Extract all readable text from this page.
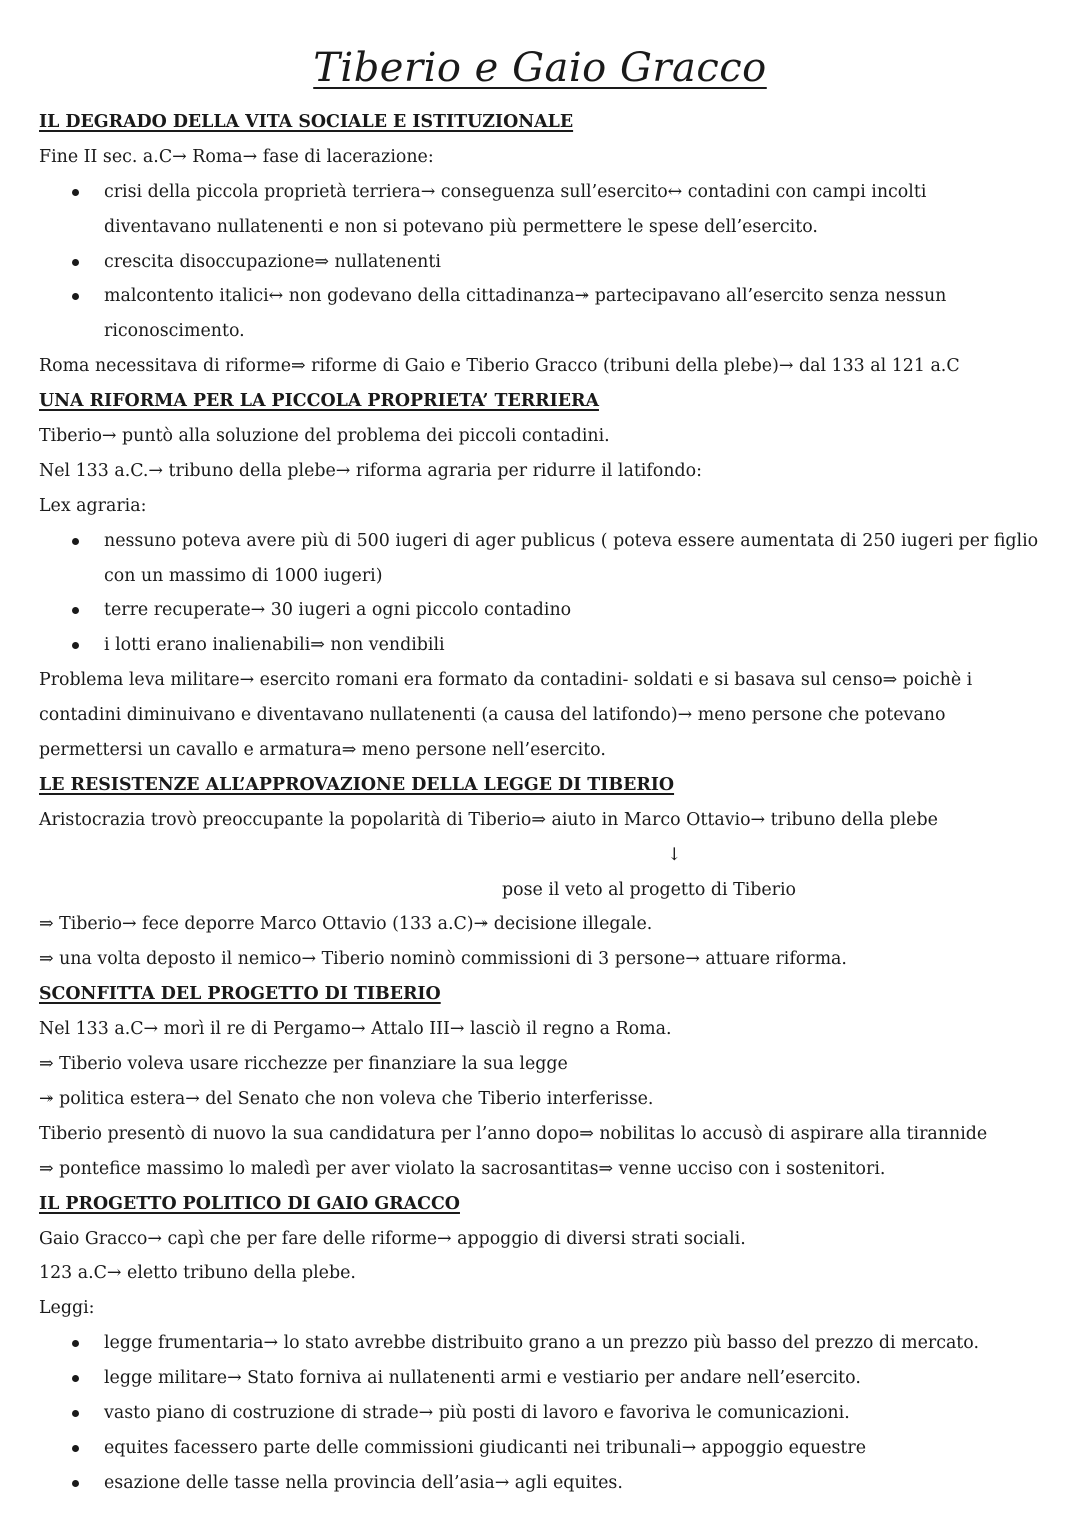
Tiberio e Gaio Gracco
IL DEGRADO DELLA VITA SOCIALE E ISTITUZIONALE
Fine II sec. a.C→ Roma→ fase di lacerazione:
crisi della piccola proprietà terriera→ conseguenza sull’esercito↔ contadini con campi incolti
diventavano nullatenenti e non si potevano più permettere le spese dell’esercito.
crescita disoccupazione⇒ nullatenenti
malcontento italici↔ non godevano della cittadinanza↠ partecipavano all’esercito senza nessun
riconoscimento.
Roma necessitava di riforme⇒ riforme di Gaio e Tiberio Gracco (tribuni della plebe)→ dal 133 al 121 a.C
UNA RIFORMA PER LA PICCOLA PROPRIETA’ TERRIERA
Tiberio→ puntò alla soluzione del problema dei piccoli contadini.
Nel 133 a.C.→ tribuno della plebe→ riforma agraria per ridurre il latifondo:
Lex agraria:
nessuno poteva avere più di 500 iugeri di ager publicus ( poteva essere aumentata di 250 iugeri per figlio
con un massimo di 1000 iugeri)
terre recuperate→ 30 iugeri a ogni piccolo contadino
i lotti erano inalienabili⇒ non vendibili
Problema leva militare→ esercito romani era formato da contadini- soldati e si basava sul censo⇒ poichè i
contadini diminuivano e diventavano nullatenenti (a causa del latifondo)→ meno persone che potevano
permettersi un cavallo e armatura⇒ meno persone nell’esercito.
LE RESISTENZE ALL’APPROVAZIONE DELLA LEGGE DI TIBERIO
Aristocrazia trovò preoccupante la popolarità di Tiberio⇒ aiuto in Marco Ottavio→ tribuno della plebe
↓
pose il veto al progetto di Tiberio
⇒ Tiberio→ fece deporre Marco Ottavio (133 a.C)↠ decisione illegale.
⇒ una volta deposto il nemico→ Tiberio nominò commissioni di 3 persone→ attuare riforma.
SCONFITTA DEL PROGETTO DI TIBERIO
Nel 133 a.C→ morì il re di Pergamo→ Attalo III→ lasciò il regno a Roma.
⇒ Tiberio voleva usare ricchezze per finanziare la sua legge
↠ politica estera→ del Senato che non voleva che Tiberio interferisse.
Tiberio presentò di nuovo la sua candidatura per l’anno dopo⇒ nobilitas lo accusò di aspirare alla tirannide
⇒ pontefice massimo lo maledì per aver violato la sacrosantitas⇒ venne ucciso con i sostenitori.
IL PROGETTO POLITICO DI GAIO GRACCO
Gaio Gracco→ capì che per fare delle riforme→ appoggio di diversi strati sociali.
123 a.C→ eletto tribuno della plebe.
Leggi:
legge frumentaria→ lo stato avrebbe distribuito grano a un prezzo più basso del prezzo di mercato.
legge militare→ Stato forniva ai nullatenenti armi e vestiario per andare nell’esercito.
vasto piano di costruzione di strade→ più posti di lavoro e favoriva le comunicazioni.
equites facessero parte delle commissioni giudicanti nei tribunali→ appoggio equestre
esazione delle tasse nella provincia dell’asia→ agli equites.
